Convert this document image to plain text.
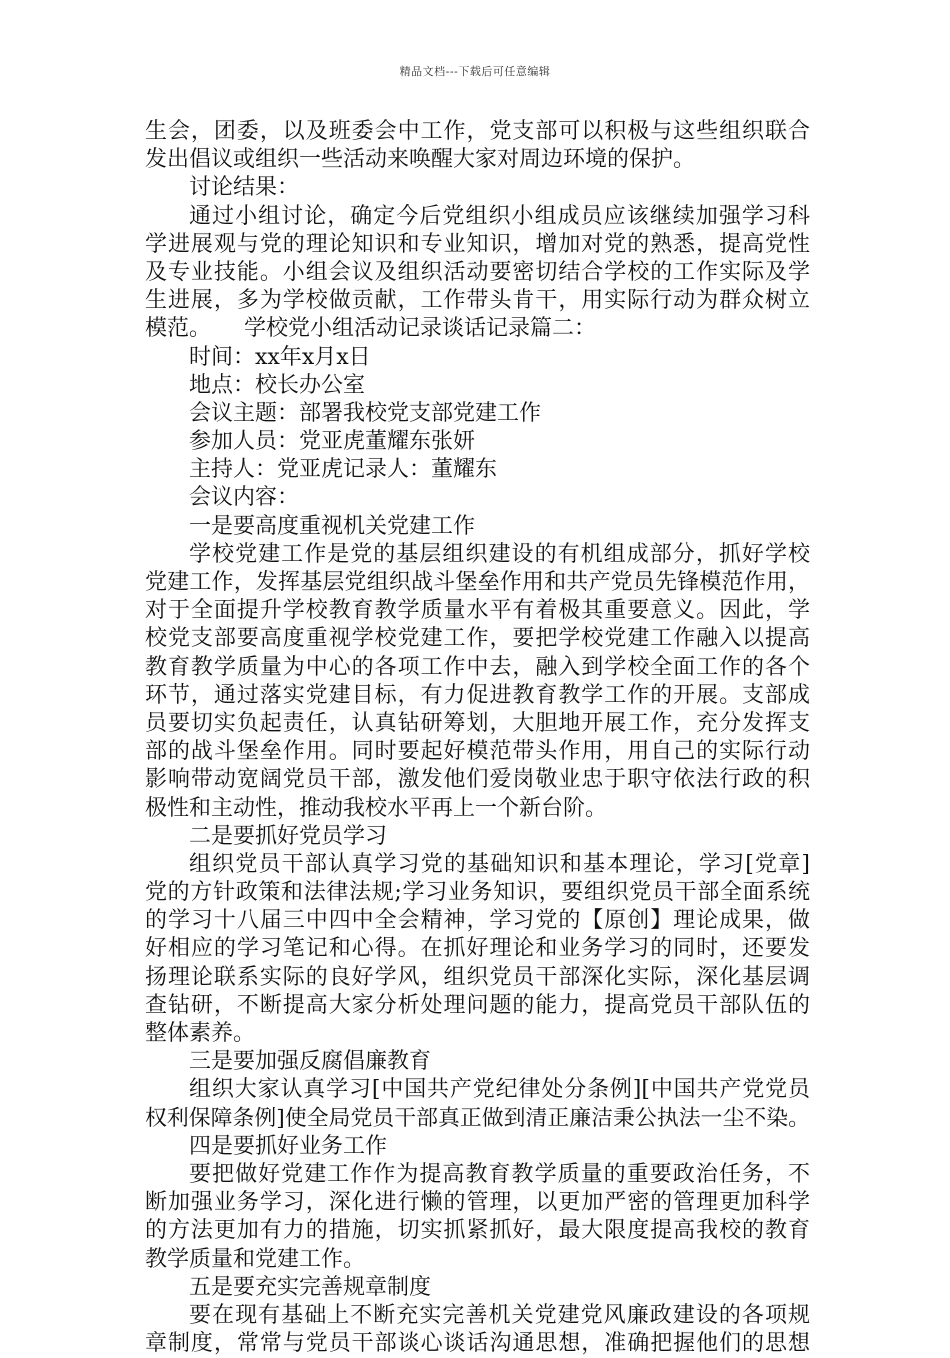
精品文档---下载后可任意编辑
生会，团委，以及班委会中工作，党支部可以积极与这些组织联合
发出倡议或组织一些活动来唤醒大家对周边环境的保护。
讨论结果：
通过小组讨论，确定今后党组织小组成员应该继续加强学习科
学进展观与党的理论知识和专业知识，增加对党的熟悉，提高党性
及专业技能。小组会议及组织活动要密切结合学校的工作实际及学
生进展，多为学校做贡献，工作带头肯干，用实际行动为群众树立
模范。　　学校党小组活动记录谈话记录篇二：
时间：xx年x月x日
地点：校长办公室
会议主题：部署我校党支部党建工作
参加人员：党亚虎董耀东张妍
主持人：党亚虎记录人：董耀东
会议内容：
一是要高度重视机关党建工作
学校党建工作是党的基层组织建设的有机组成部分，抓好学校
党建工作，发挥基层党组织战斗堡垒作用和共产党员先锋模范作用，
对于全面提升学校教育教学质量水平有着极其重要意义。因此，学
校党支部要高度重视学校党建工作，要把学校党建工作融入以提高
教育教学质量为中心的各项工作中去，融入到学校全面工作的各个
环节，通过落实党建目标，有力促进教育教学工作的开展。支部成
员要切实负起责任，认真钻研筹划，大胆地开展工作，充分发挥支
部的战斗堡垒作用。同时要起好模范带头作用，用自己的实际行动
影响带动宽阔党员干部，激发他们爱岗敬业忠于职守依法行政的积
极性和主动性，推动我校水平再上一个新台阶。
二是要抓好党员学习
组织党员干部认真学习党的基础知识和基本理论，学习[党章]
党的方针政策和法律法规;学习业务知识，要组织党员干部全面系统
的学习十八届三中四中全会精神，学习党的【原创】理论成果，做
好相应的学习笔记和心得。在抓好理论和业务学习的同时，还要发
扬理论联系实际的良好学风，组织党员干部深化实际，深化基层调
查钻研，不断提高大家分析处理问题的能力，提高党员干部队伍的
整体素养。
三是要加强反腐倡廉教育
组织大家认真学习[中国共产党纪律处分条例][中国共产党党员
权利保障条例]使全局党员干部真正做到清正廉洁秉公执法一尘不染。
四是要抓好业务工作
要把做好党建工作作为提高教育教学质量的重要政治任务，不
断加强业务学习，深化进行懒的管理，以更加严密的管理更加科学
的方法更加有力的措施，切实抓紧抓好，最大限度提高我校的教育
教学质量和党建工作。
五是要充实完善规章制度
要在现有基础上不断充实完善机关党建党风廉政建设的各项规
章制度，常常与党员干部谈心谈话沟通思想，准确把握他们的思想
